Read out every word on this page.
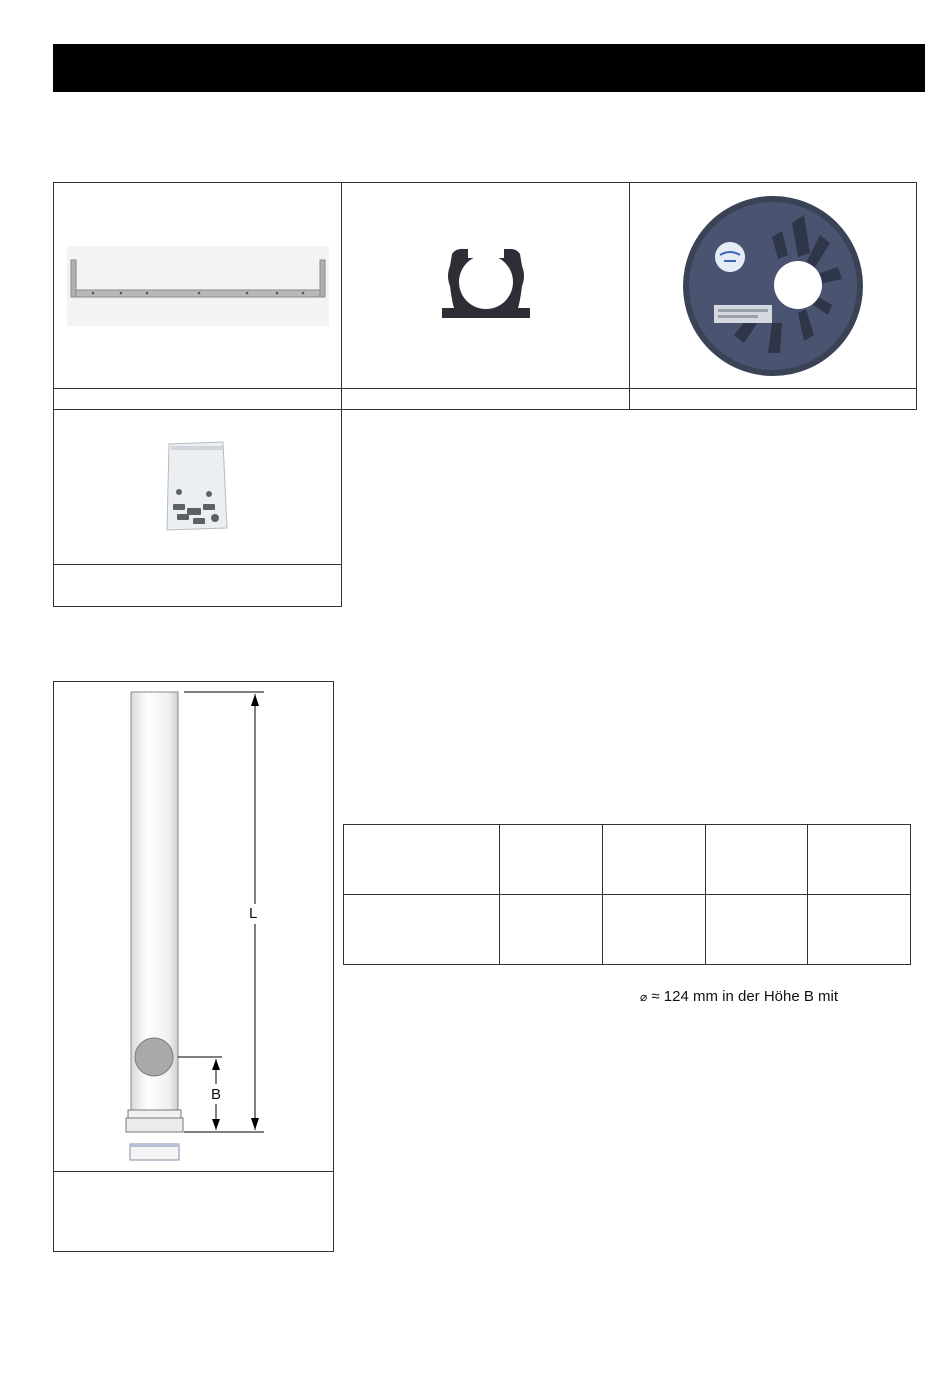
L
B

⌀ ≈ 124 mm in der Höhe B mit
